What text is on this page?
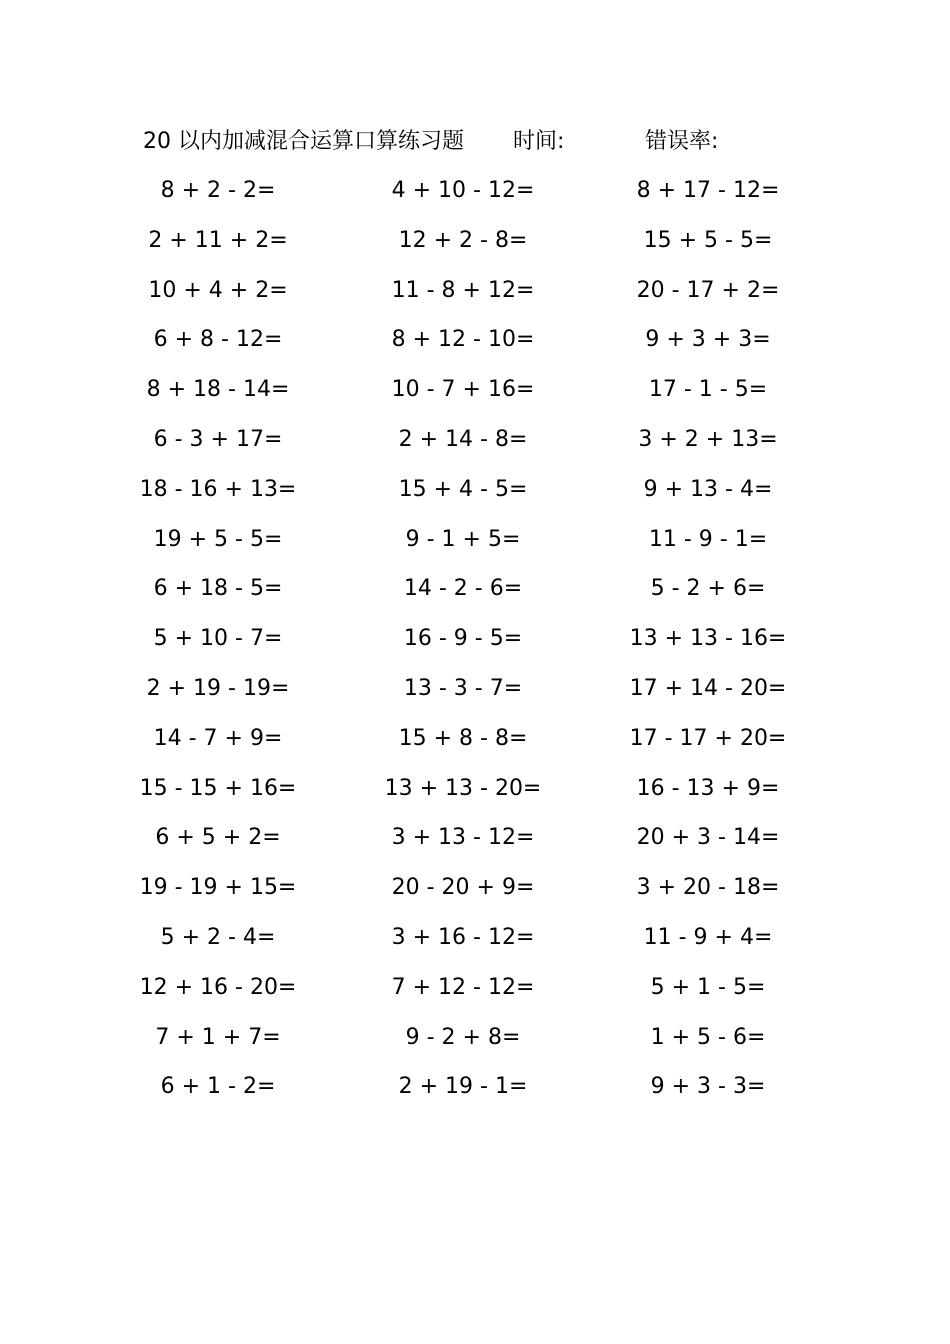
20 以内加减混合运算口算练习题 时间:	错误率:
8 + 2 - 2=	4 + 10 - 12=	8 + 17 - 12=
2 + 11 + 2=	12 + 2 - 8=	15 + 5 - 5=
10 + 4 + 2=	11 - 8 + 12=	20 - 17 + 2=
6 + 8 - 12=	8 + 12 - 10=	9 + 3 + 3=
8 + 18 - 14=	10 - 7 + 16=	17 - 1 - 5=
6 - 3 + 17=	2 + 14 - 8=	3 + 2 + 13=
18 - 16 + 13=	15 + 4 - 5=	9 + 13 - 4=
19 + 5 - 5=	9 - 1 + 5=	11 - 9 - 1=
6 + 18 - 5=	14 - 2 - 6=	5 - 2 + 6=
5 + 10 - 7=	16 - 9 - 5=	13 + 13 - 16=
2 + 19 - 19=	13 - 3 - 7=	17 + 14 - 20=
14 - 7 + 9=	15 + 8 - 8=	17 - 17 + 20=
15 - 15 + 16=	13 + 13 - 20=	16 - 13 + 9=
6 + 5 + 2=	3 + 13 - 12=	20 + 3 - 14=
19 - 19 + 15=	20 - 20 + 9=	3 + 20 - 18=
5 + 2 - 4=	3 + 16 - 12=	11 - 9 + 4=
12 + 16 - 20=	7 + 12 - 12=	5 + 1 - 5=
7 + 1 + 7=	9 - 2 + 8=	1 + 5 - 6=
6 + 1 - 2=	2 + 19 - 1=	9 + 3 - 3=
